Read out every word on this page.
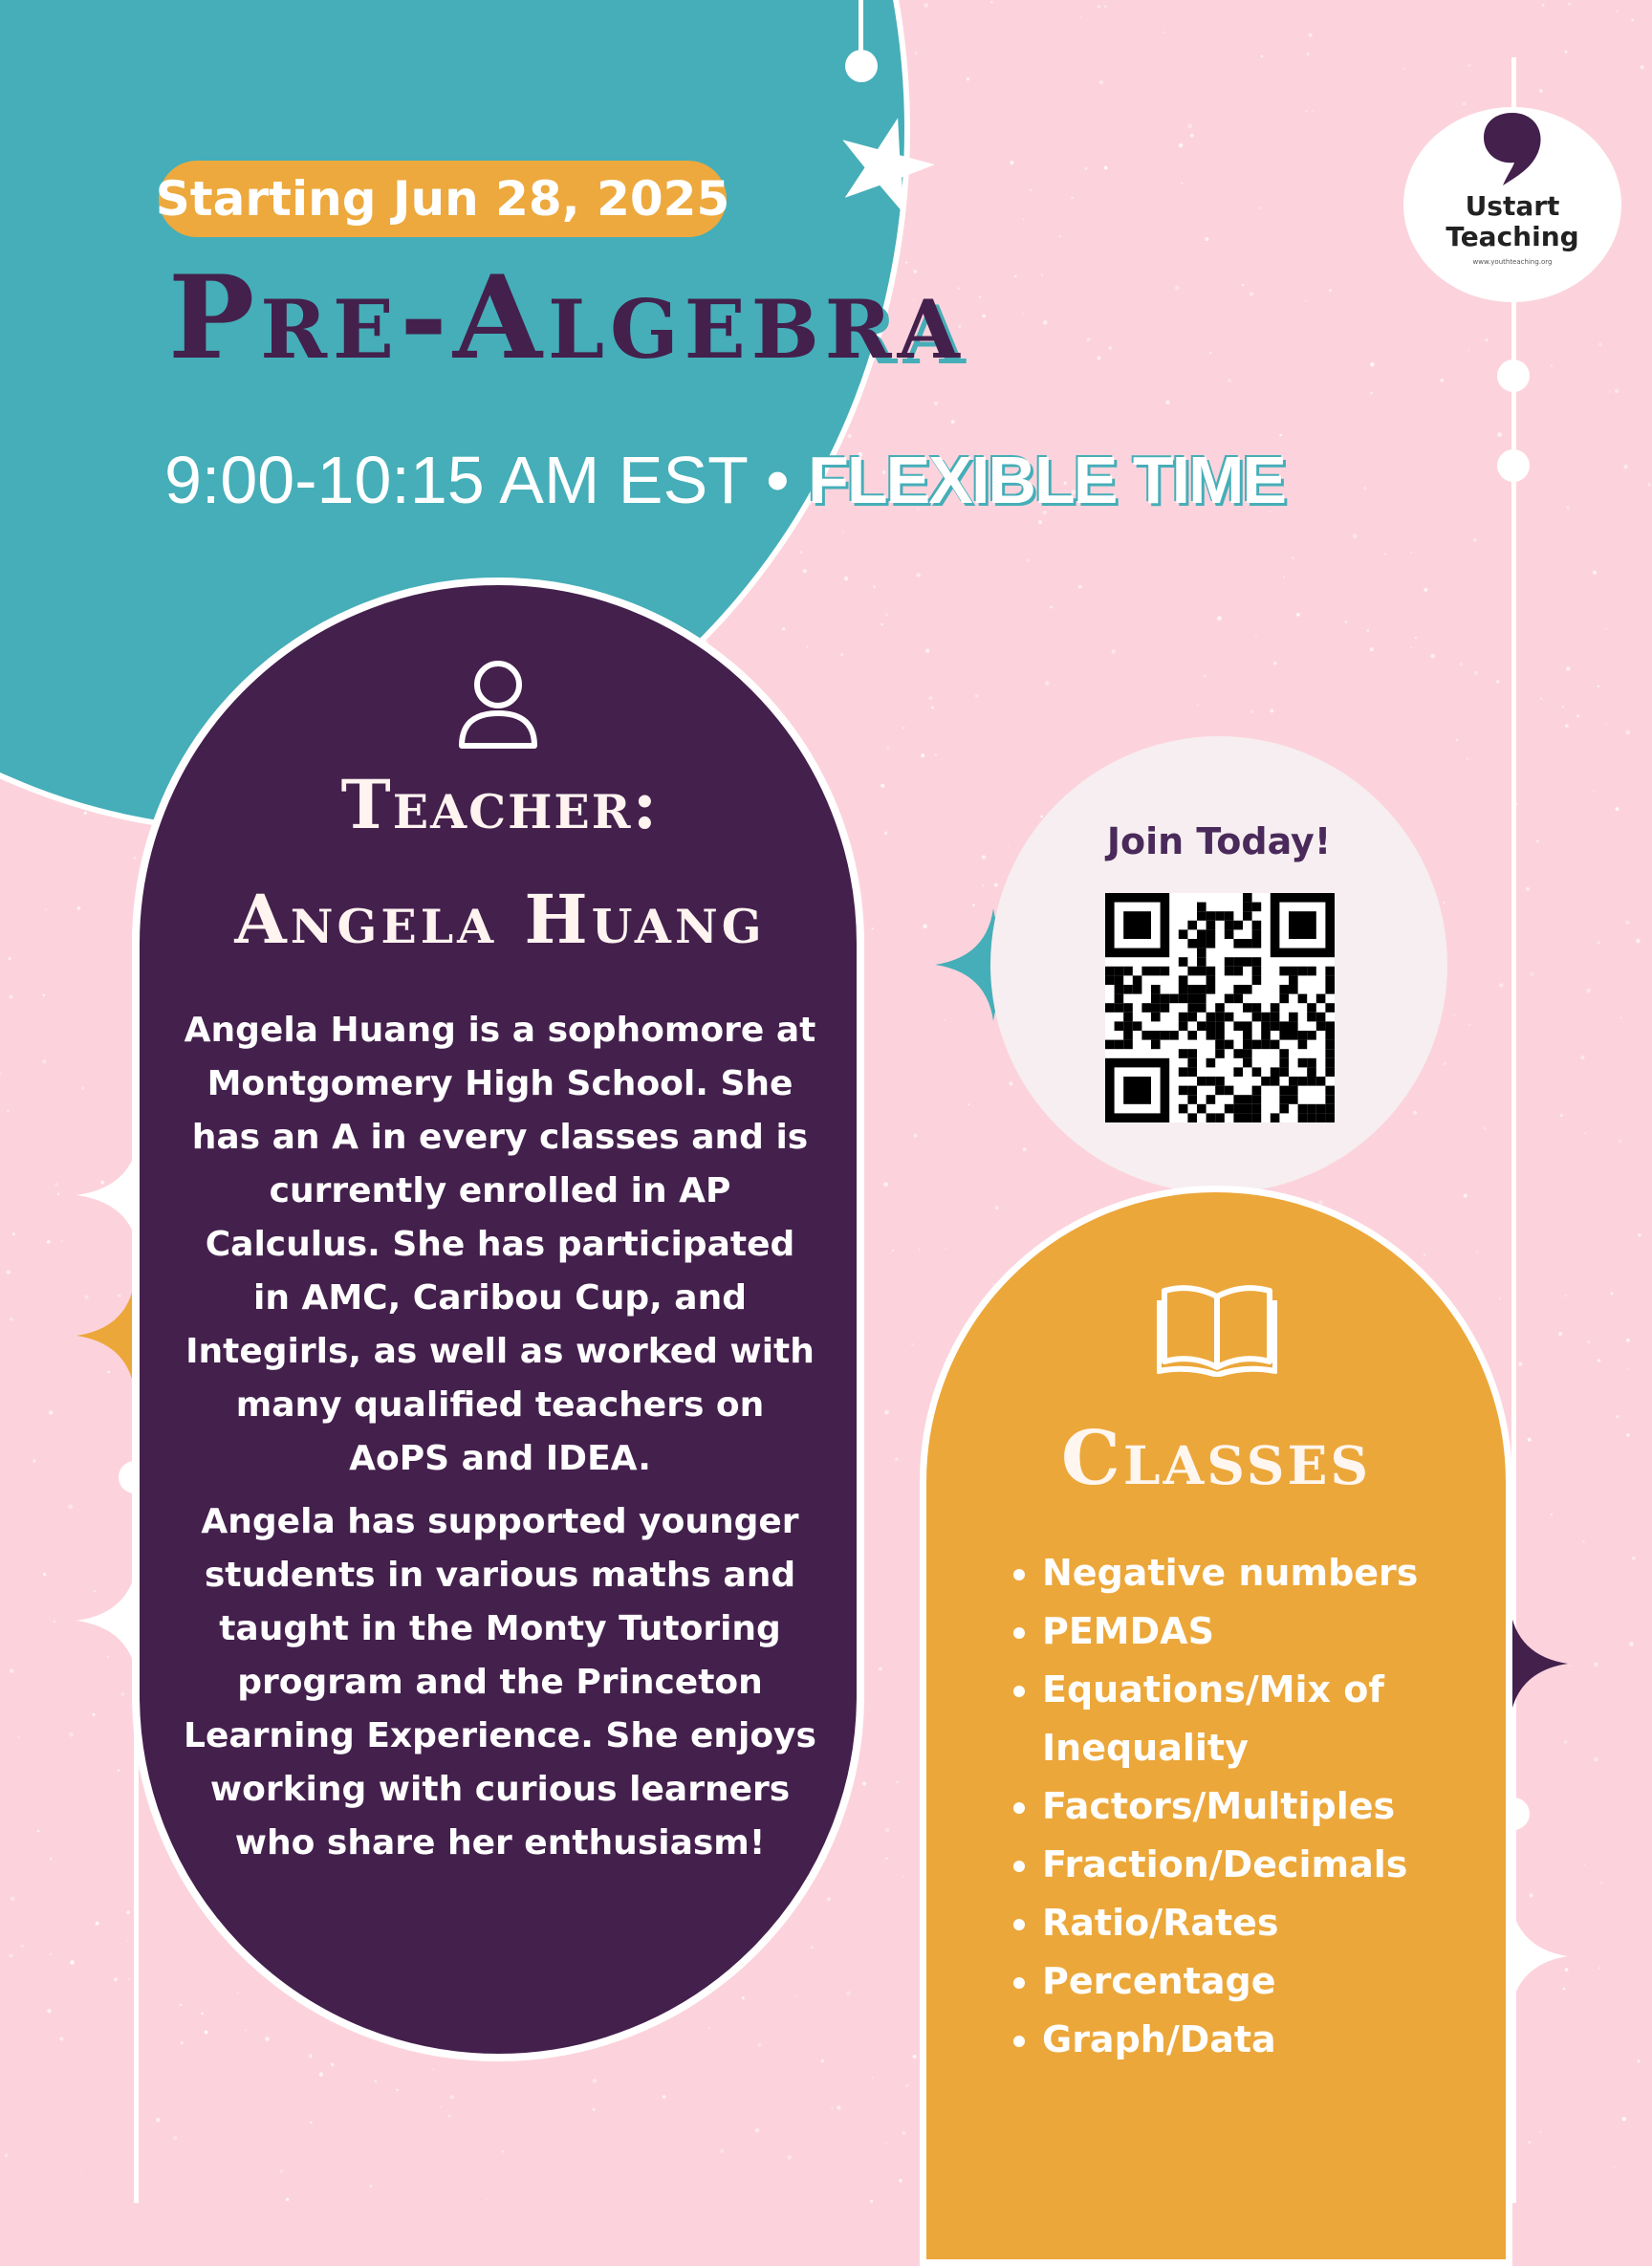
Ustart
Teaching
www.youthteaching.org
Starting Jun 28, 2025
Pre-Algebra
9:00-10:15 AM EST • FLEXIBLE TIME
Teacher:
Angela Huang
Angela Huang is a sophomore at Montgomery High School. She has an A in every classes and is currently enrolled in AP Calculus. She has participated in AMC, Caribou Cup, and Integirls, as well as worked with many qualified teachers on AoPS and IDEA.
Angela has supported younger students in various maths and taught in the Monty Tutoring program and the Princeton Learning Experience. She enjoys working with curious learners who share her enthusiasm!
Join Today!
Classes
• Negative numbers
• PEMDAS
• Equations/Mix of Inequality
• Factors/Multiples
• Fraction/Decimals
• Ratio/Rates
• Percentage
• Graph/Data
